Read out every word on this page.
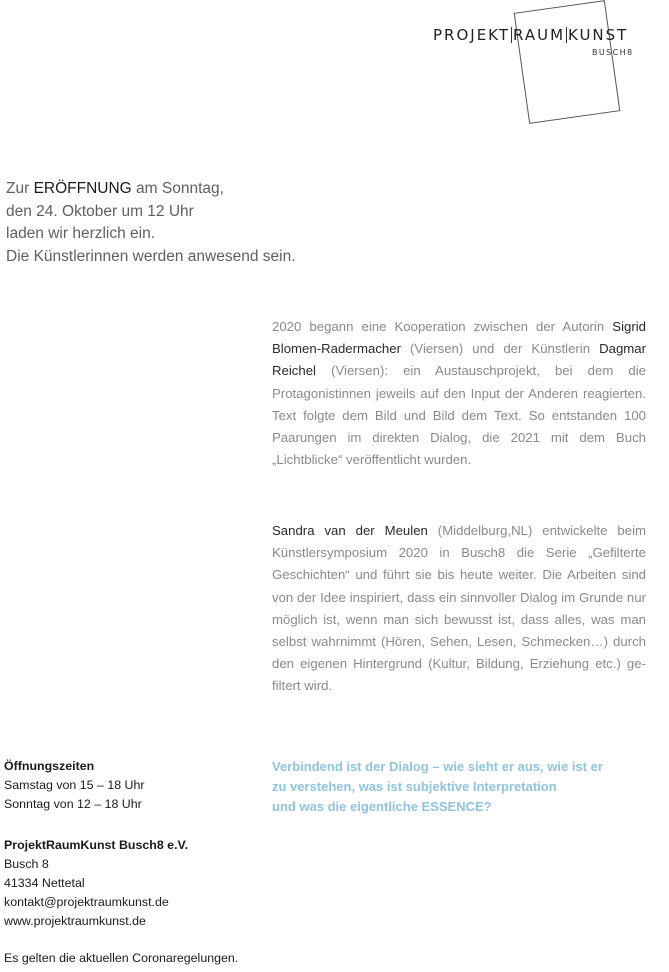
PROJEKT RAUM KUNST
BUSCH8
Zur ERÖFFNUNG am Sonntag,
den 24. Oktober um 12 Uhr
laden wir herzlich ein.
Die Künstlerinnen werden anwesend sein.

2020 begann eine Kooperation zwischen der Autorin Sigrid Blomen-Radermacher (Viersen) und der Künstlerin Dagmar Reichel (Viersen): ein Austauschprojekt, bei dem die Protagonistinnen jeweils auf den Input der Anderen reagierten. Text folgte dem Bild und Bild dem Text. So entstanden 100 Paarungen im direkten Dialog, die 2021 mit dem Buch „Lichtblicke“ veröffentlicht wurden.

Sandra van der Meulen (Middelburg,NL) entwickelte beim Künstlersymposium 2020 in Busch8 die Serie „Gefilterte Geschichten“ und führt sie bis heute weiter. Die Arbeiten sind von der Idee inspiriert, dass ein sinnvoller Dialog im Grunde nur möglich ist, wenn man sich bewusst ist, dass alles, was man selbst wahrnimmt (Hören, Sehen, Lesen, Schmecken…) durch den eigenen Hintergrund (Kultur, Bildung, Erziehung etc.) gefiltert wird.

Öffnungszeiten
Samstag von 15 – 18 Uhr
Sonntag von 12 – 18 Uhr
Verbindend ist der Dialog – wie sieht er aus, wie ist er
zu verstehen, was ist subjektive Interpretation
und was die eigentliche ESSENCE?
ProjektRaumKunst Busch8 e.V.
Busch 8
41334 Nettetal
kontakt@projektraumkunst.de
www.projektraumkunst.de
Es gelten die aktuellen Coronaregelungen.
